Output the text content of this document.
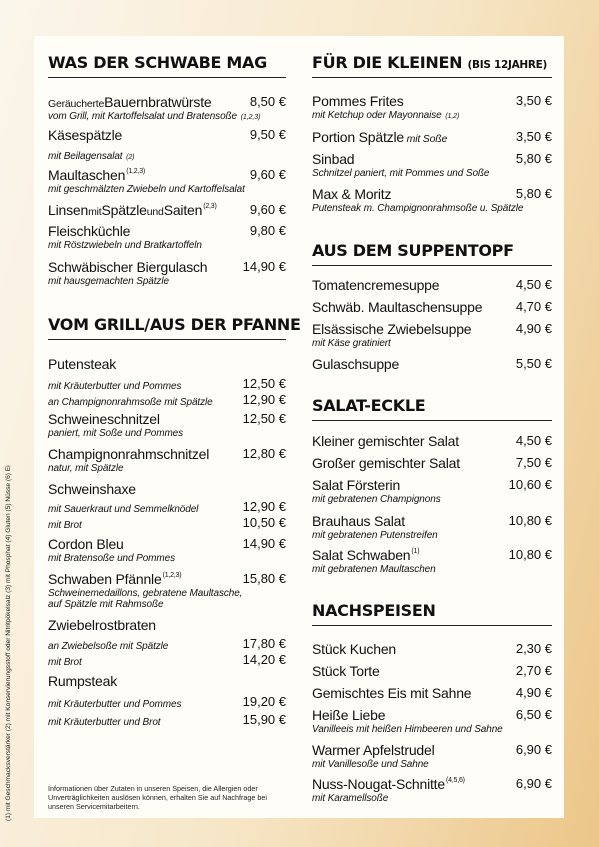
(1) mit Geschmacksverstärker (2) mit Konservierungsstoff oder Nitritpökelsalz (3) mit Phosphat (4) Gluten (5) Nüsse (6) Ei
WAS DER SCHWABE MAG
GeräucherteBauernbratwürste	8,50 €
vom Grill, mit Kartoffelsalat und Bratensoße $^{(1,2,3)}$
Käsespätzle	9,50 €
mit Beilagensalat $^{(2)}$
Maultaschen$^{(1,2,3)}$	9,60 €
mit geschmälzten Zwiebeln und Kartoffelsalat
LinsenmitSpätzleundSaiten$^{(2,3)}$	9,60 €
Fleischküchle	9,80 €
mit Röstzwiebeln und Bratkartoffeln
Schwäbischer Biergulasch	14,90 €
mit hausgemachten Spätzle
VOM GRILL/AUS DER PFANNE
Putensteak
mit Kräuterbutter und Pommes	12,50 €
an Champignonrahmsoße mit Spätzle 12,90 €
Schweineschnitzel	12,50 €
paniert, mit Soße und Pommes
Champignonrahmschnitzel	12,80 €
natur, mit Spätzle
Schweinshaxe
mit Sauerkraut und Semmelknödel	12,90 €
mit Brot	10,50 €
Cordon Bleu	14,90 €
mit Bratensoße und Pommes
Schwaben Pfännle$^{(1,2,3)}$	15,80 €
Schweinemedaillons, gebratene Maultasche,
auf Spätzle mit Rahmsoße
Zwiebelrostbraten
an Zwiebelsoße mit Spätzle	17,80 €
mit Brot	14,20 €
Rumpsteak
mit Kräuterbutter und Pommes	19,20 €
mit Kräuterbutter und Brot	15,90 €
Informationen über Zutaten in unseren Speisen, die Allergien oder Unverträglichkeiten auslösen können, erhalten Sie auf Nachfrage bei unseren Servicemitarbeitern.
FÜR DIE KLEINEN (BIS 12JAHRE)
Pommes Frites	3,50 €
mit Ketchup oder Mayonnaise $^{(1,2)}$
Portion Spätzle mit Soße	3,50 €
Sinbad	5,80 €
Schnitzel paniert, mit Pommes und Soße
Max & Moritz	5,80 €
Putensteak m. Champignonrahmsoße u. Spätzle
AUS DEM SUPPENTOPF
Tomatencremesuppe	4,50 €
Schwäb. Maultaschensuppe	4,70 €
Elsässische Zwiebelsuppe	4,90 €
mit Käse gratiniert
Gulaschsuppe	5,50 €
SALAT-ECKLE
Kleiner gemischter Salat	4,50 €
Großer gemischter Salat	7,50 €
Salat Försterin	10,60 €
mit gebratenen Champignons
Brauhaus Salat	10,80 €
mit gebratenen Putenstreifen
Salat Schwaben$^{(1)}$	10,80 €
mit gebratenen Maultaschen
NACHSPEISEN
Stück Kuchen	2,30 €
Stück Torte	2,70 €
Gemischtes Eis mit Sahne	4,90 €
Heiße Liebe	6,50 €
Vanilleeis mit heißen Himbeeren und Sahne
Warmer Apfelstrudel	6,90 €
mit Vanillesoße und Sahne
Nuss-Nougat-Schnitte$^{(4,5,6)}$	6,90 €
mit Karamellsoße
